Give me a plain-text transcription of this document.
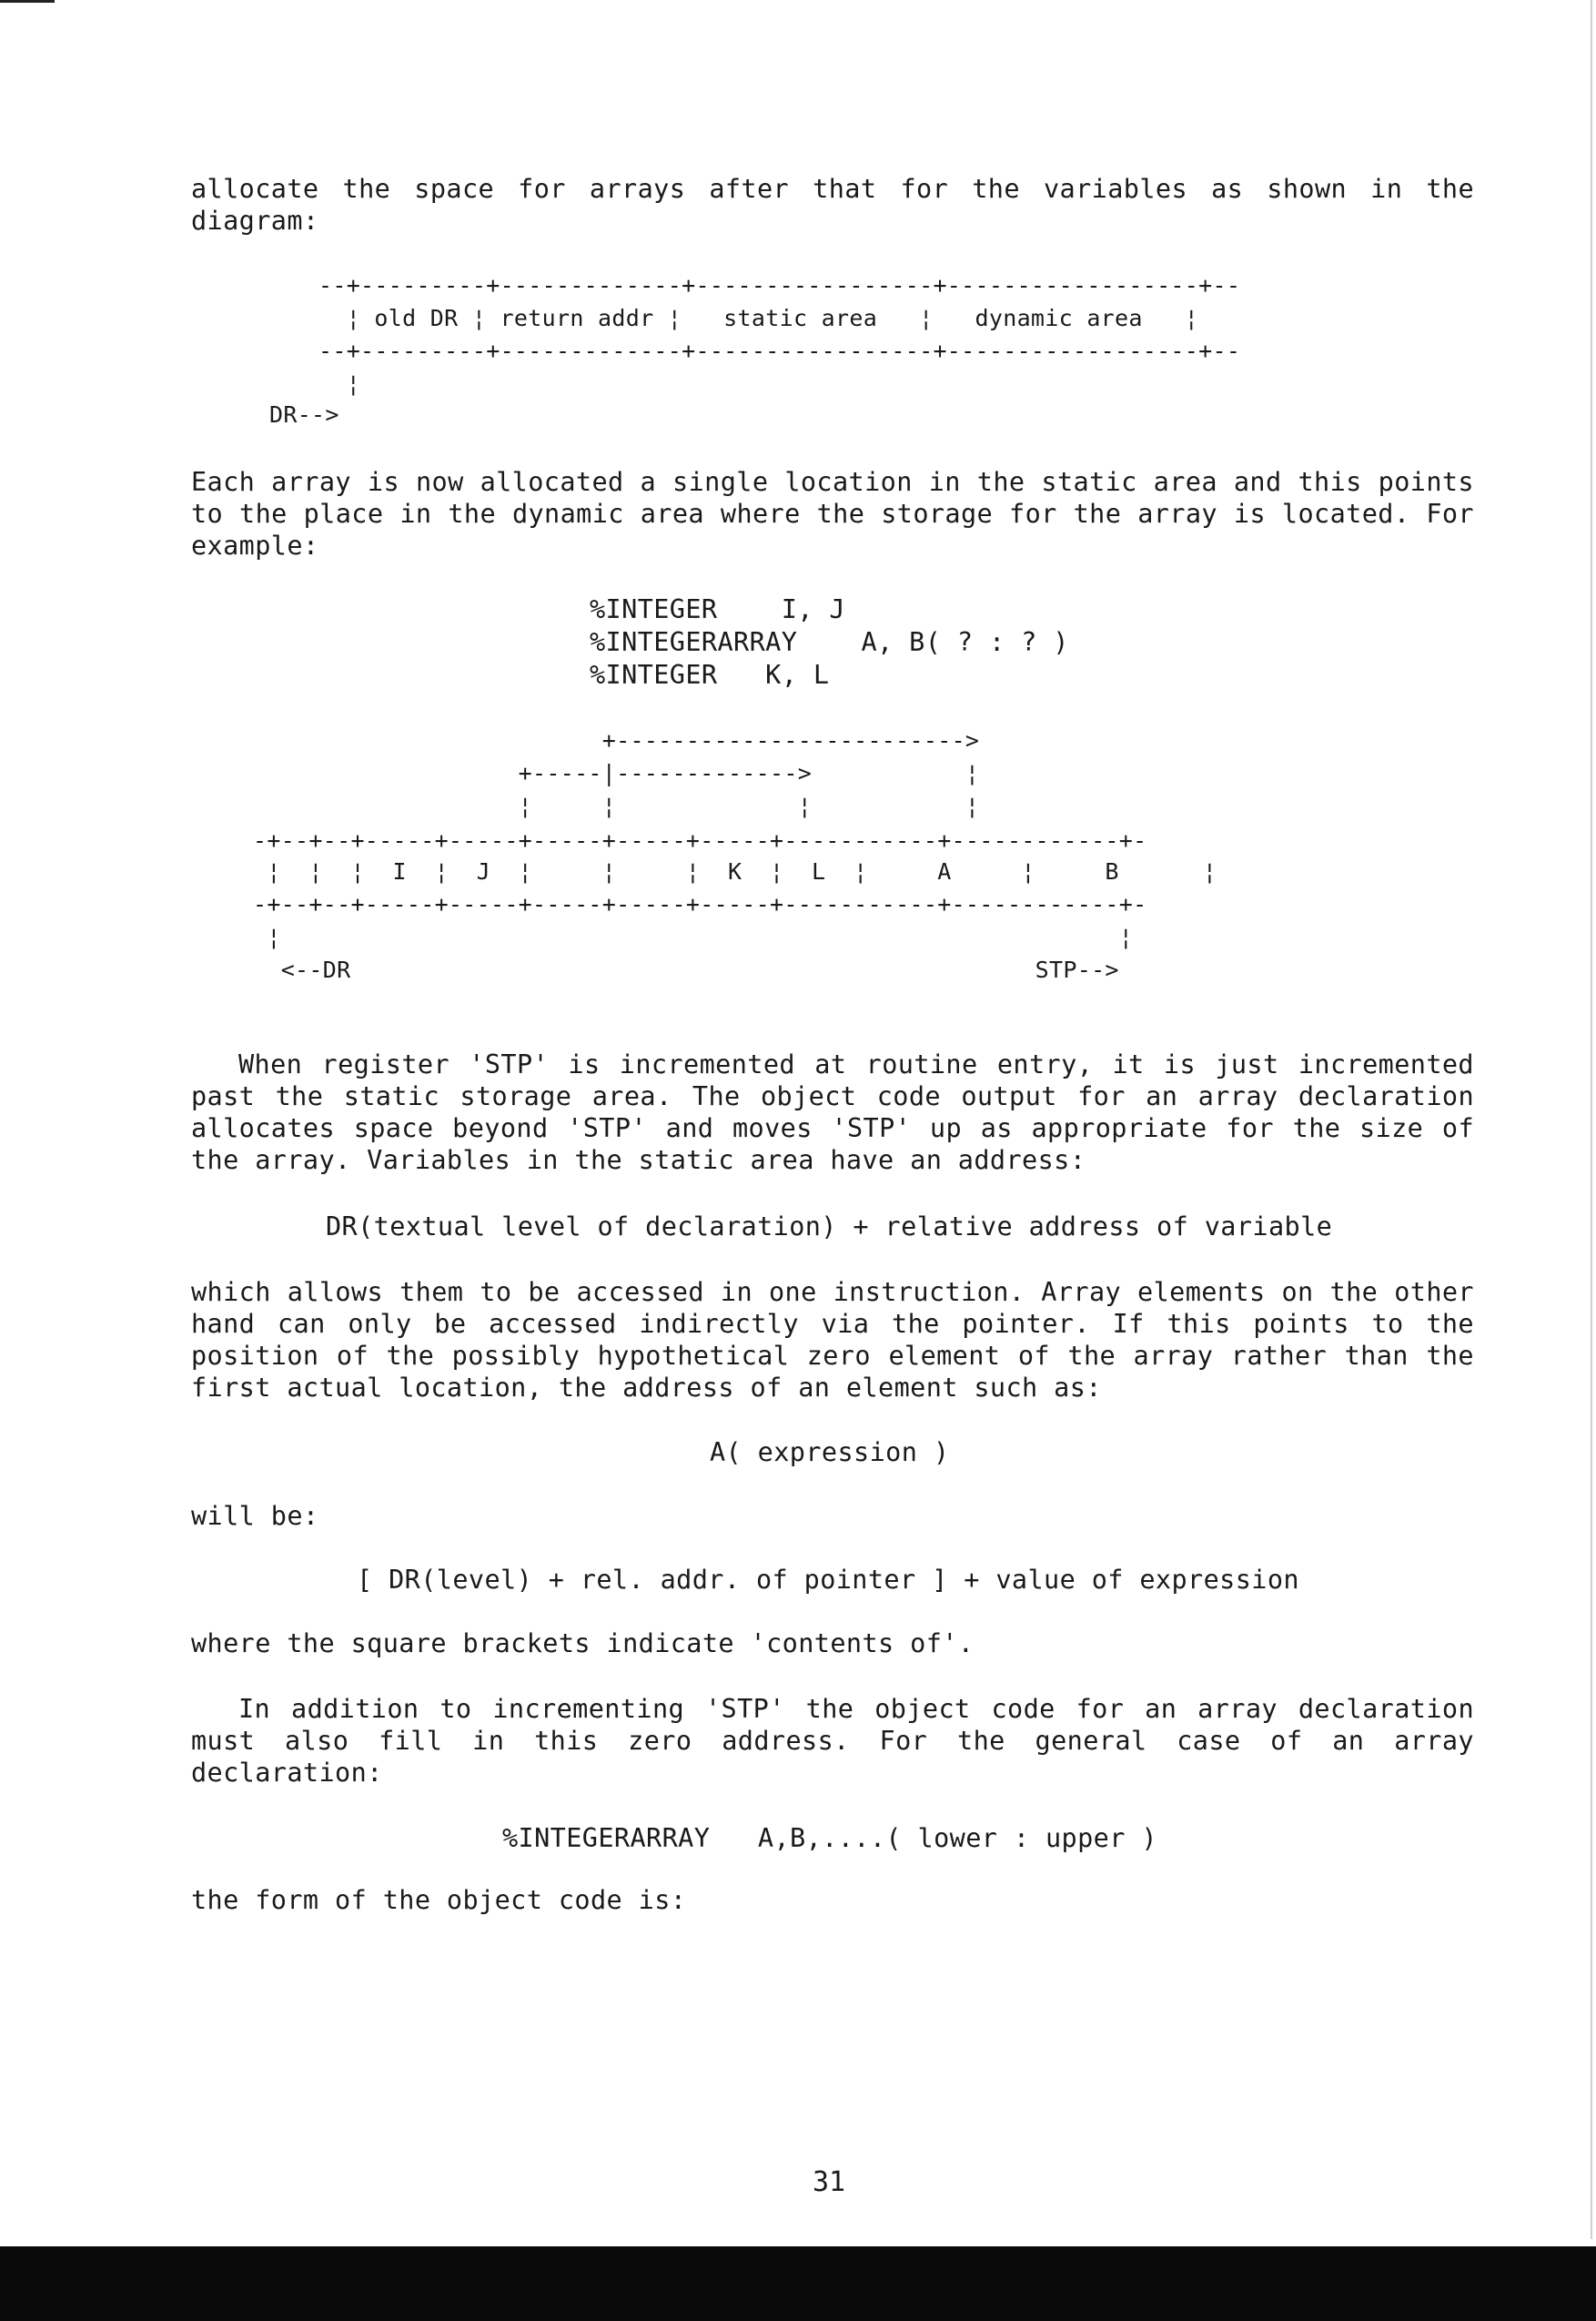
allocate the space for arrays after that for the variables as shown in the diagram:

--+---------+-------------+-----------------+------------------+--
¦ old DR ¦ return addr ¦   static area   ¦   dynamic area   ¦
--+---------+-------------+-----------------+------------------+--
¦
DR-->

Each array is now allocated a single location in the static area and this points to the place in the dynamic area where the storage for the array is located. For example:

%INTEGER    I, J
%INTEGERARRAY    A, B( ? : ? )
%INTEGER   K, L
+------------------------->
+-----|------------->           ¦
¦     ¦             ¦           ¦
-+--+--+-----+-----+-----+-----+-----+-----------+------------+-
¦  ¦  ¦  I  ¦  J  ¦     ¦     ¦  K  ¦  L  ¦     A     ¦     B      ¦
-+--+--+-----+-----+-----+-----+-----+-----------+------------+-
¦                                                            ¦
<--DR                                                 STP-->

When register 'STP' is incremented at routine entry, it is just incremented past the static storage area. The object code output for an array declaration allocates space beyond 'STP' and moves 'STP' up as appropriate for the size of the array. Variables in the static area have an address:

DR(textual level of declaration) + relative address of variable

which allows them to be accessed in one instruction. Array elements on the other hand can only be accessed indirectly via the pointer. If this points to the position of the possibly hypothetical zero element of the array rather than the first actual location, the address of an element such as:

A( expression )

will be:

[ DR(level) + rel. addr. of pointer ] + value of expression

where the square brackets indicate 'contents of'.

In addition to incrementing 'STP' the object code for an array declaration must also fill in this zero address. For the general case of an array declaration:

%INTEGERARRAY   A,B,....( lower : upper )

the form of the object code is:

31
